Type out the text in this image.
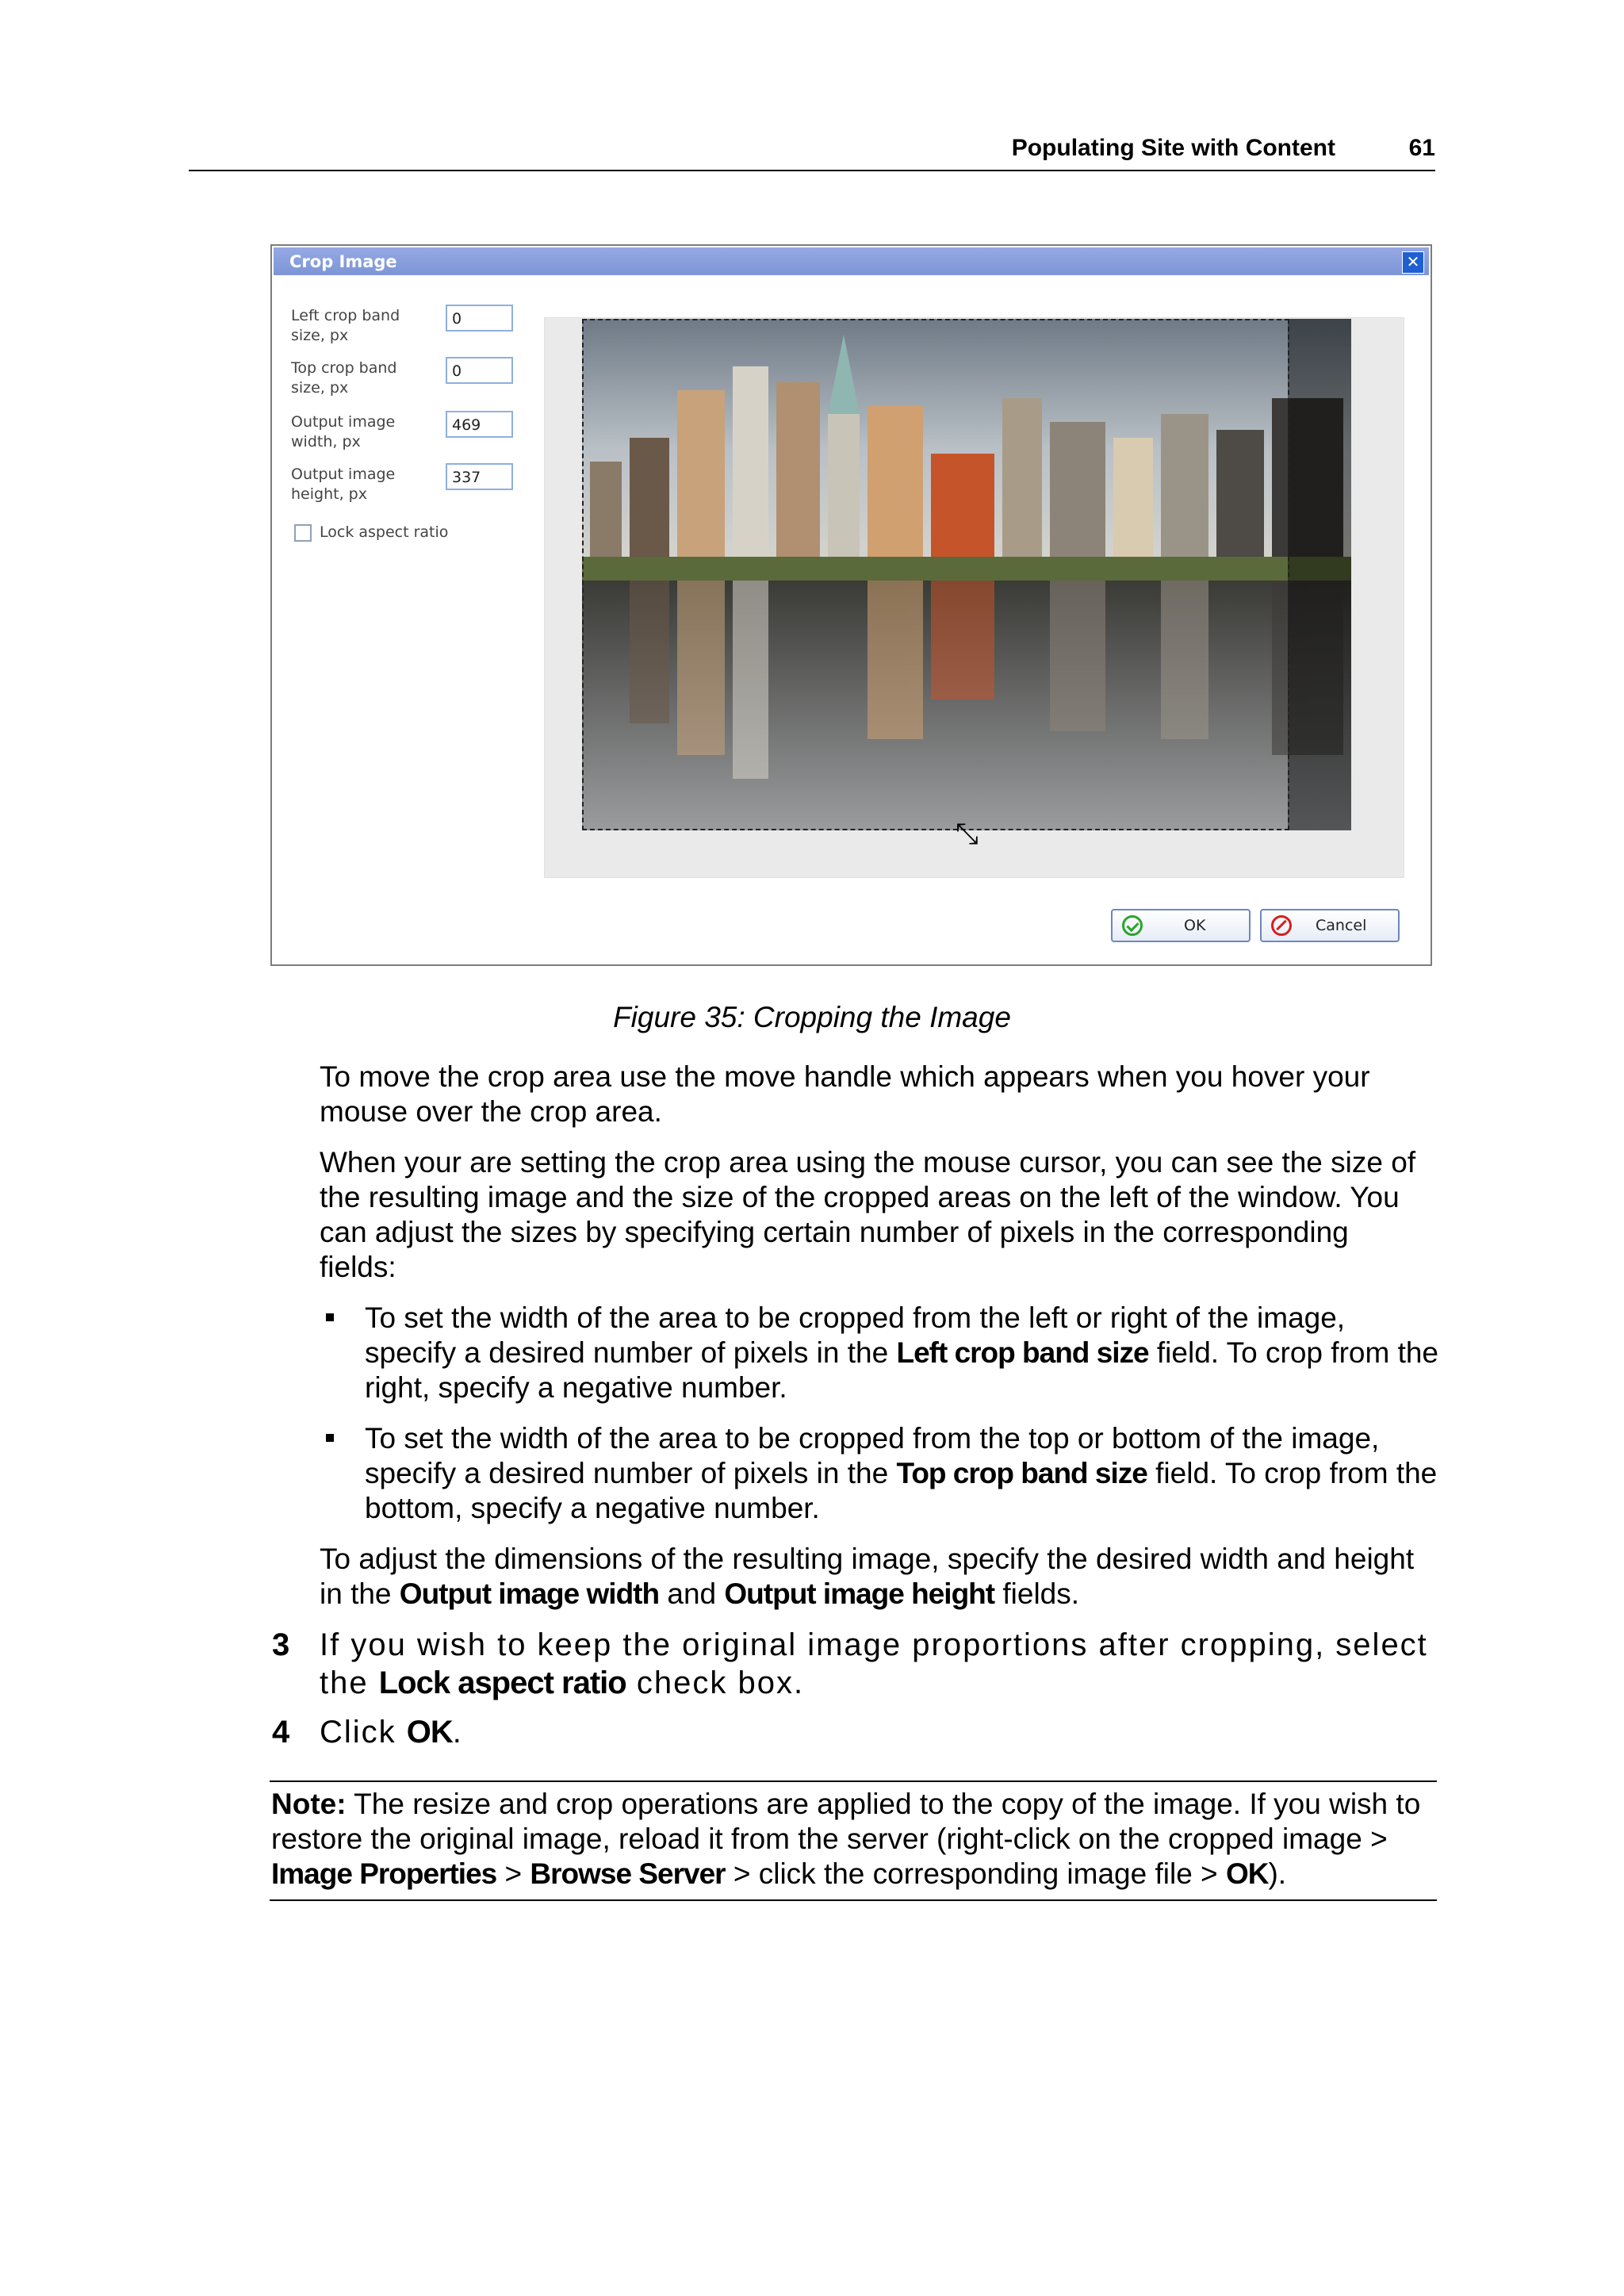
Populating Site with Content	61
Crop Image	✕
Left crop band size, px
0
Top crop band size, px
0
Output image width, px
469
Output image height, px
337
Lock aspect ratio
⤡
OK	Cancel
Figure 35: Cropping the Image
To move the crop area use the move handle which appears when you hover your mouse over the crop area.
When your are setting the crop area using the mouse cursor, you can see the size of the resulting image and the size of the cropped areas on the left of the window. You can adjust the sizes by specifying certain number of pixels in the corresponding fields:
To set the width of the area to be cropped from the left or right of the image, specify a desired number of pixels in the Left crop band size field. To crop from the right, specify a negative number.
To set the width of the area to be cropped from the top or bottom of the image, specify a desired number of pixels in the Top crop band size field. To crop from the bottom, specify a negative number.
To adjust the dimensions of the resulting image, specify the desired width and height in the Output image width and Output image height fields.
3 If you wish to keep the original image proportions after cropping, select the Lock aspect ratio check box.
4 Click OK.
Note: The resize and crop operations are applied to the copy of the image. If you wish to restore the original image, reload it from the server (right-click on the cropped image > Image Properties > Browse Server > click the corresponding image file > OK).
